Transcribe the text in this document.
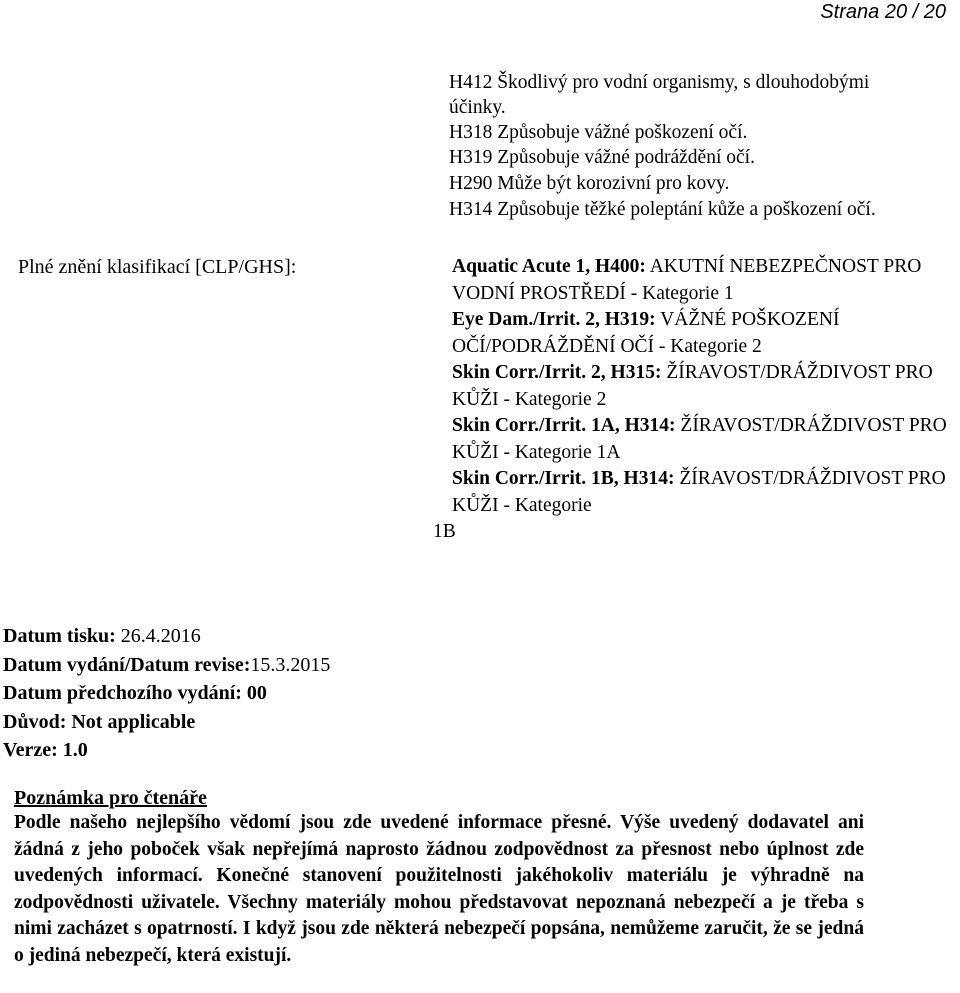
Strana 20 / 20
H412 Škodlivý pro vodní organismy, s dlouhodobými
účinky.
H318 Způsobuje vážné poškození očí.
H319 Způsobuje vážné podráždění očí.
H290 Může být korozivní pro kovy.
H314 Způsobuje těžké poleptání kůže a poškození očí.
Plné znění klasifikací [CLP/GHS]:	Aquatic Acute 1, H400: AKUTNÍ NEBEZPEČNOST PRO VODNÍ PROSTŘEDÍ - Kategorie 1
Eye Dam./Irrit. 2, H319: VÁŽNÉ POŠKOZENÍ OČÍ/PODRÁŽDĚNÍ OČÍ - Kategorie 2
Skin Corr./Irrit. 2, H315: ŽÍRAVOST/DRÁŽDIVOST PRO KŮŽI - Kategorie 2
Skin Corr./Irrit. 1A, H314: ŽÍRAVOST/DRÁŽDIVOST PRO KŮŽI - Kategorie 1A
Skin Corr./Irrit. 1B, H314: ŽÍRAVOST/DRÁŽDIVOST PRO KŮŽI - Kategorie
1B
Datum tisku: 26.4.2016
Datum vydání/Datum revise:15.3.2015
Datum předchozího vydání: 00
Důvod: Not applicable
Verze: 1.0
Poznámka pro čtenáře
Podle našeho nejlepšího vědomí jsou zde uvedené informace přesné. Výše uvedený dodavatel ani žádná z jeho poboček však nepřejímá naprosto žádnou zodpovědnost za přesnost nebo úplnost zde uvedených informací. Konečné stanovení použitelnosti jakéhokoliv materiálu je výhradně na zodpovědnosti uživatele. Všechny materiály mohou představovat nepoznaná nebezpečí a je třeba s nimi zacházet s opatrností. I když jsou zde některá nebezpečí popsána, nemůžeme zaručit, že se jedná o jediná nebezpečí, která existují.
